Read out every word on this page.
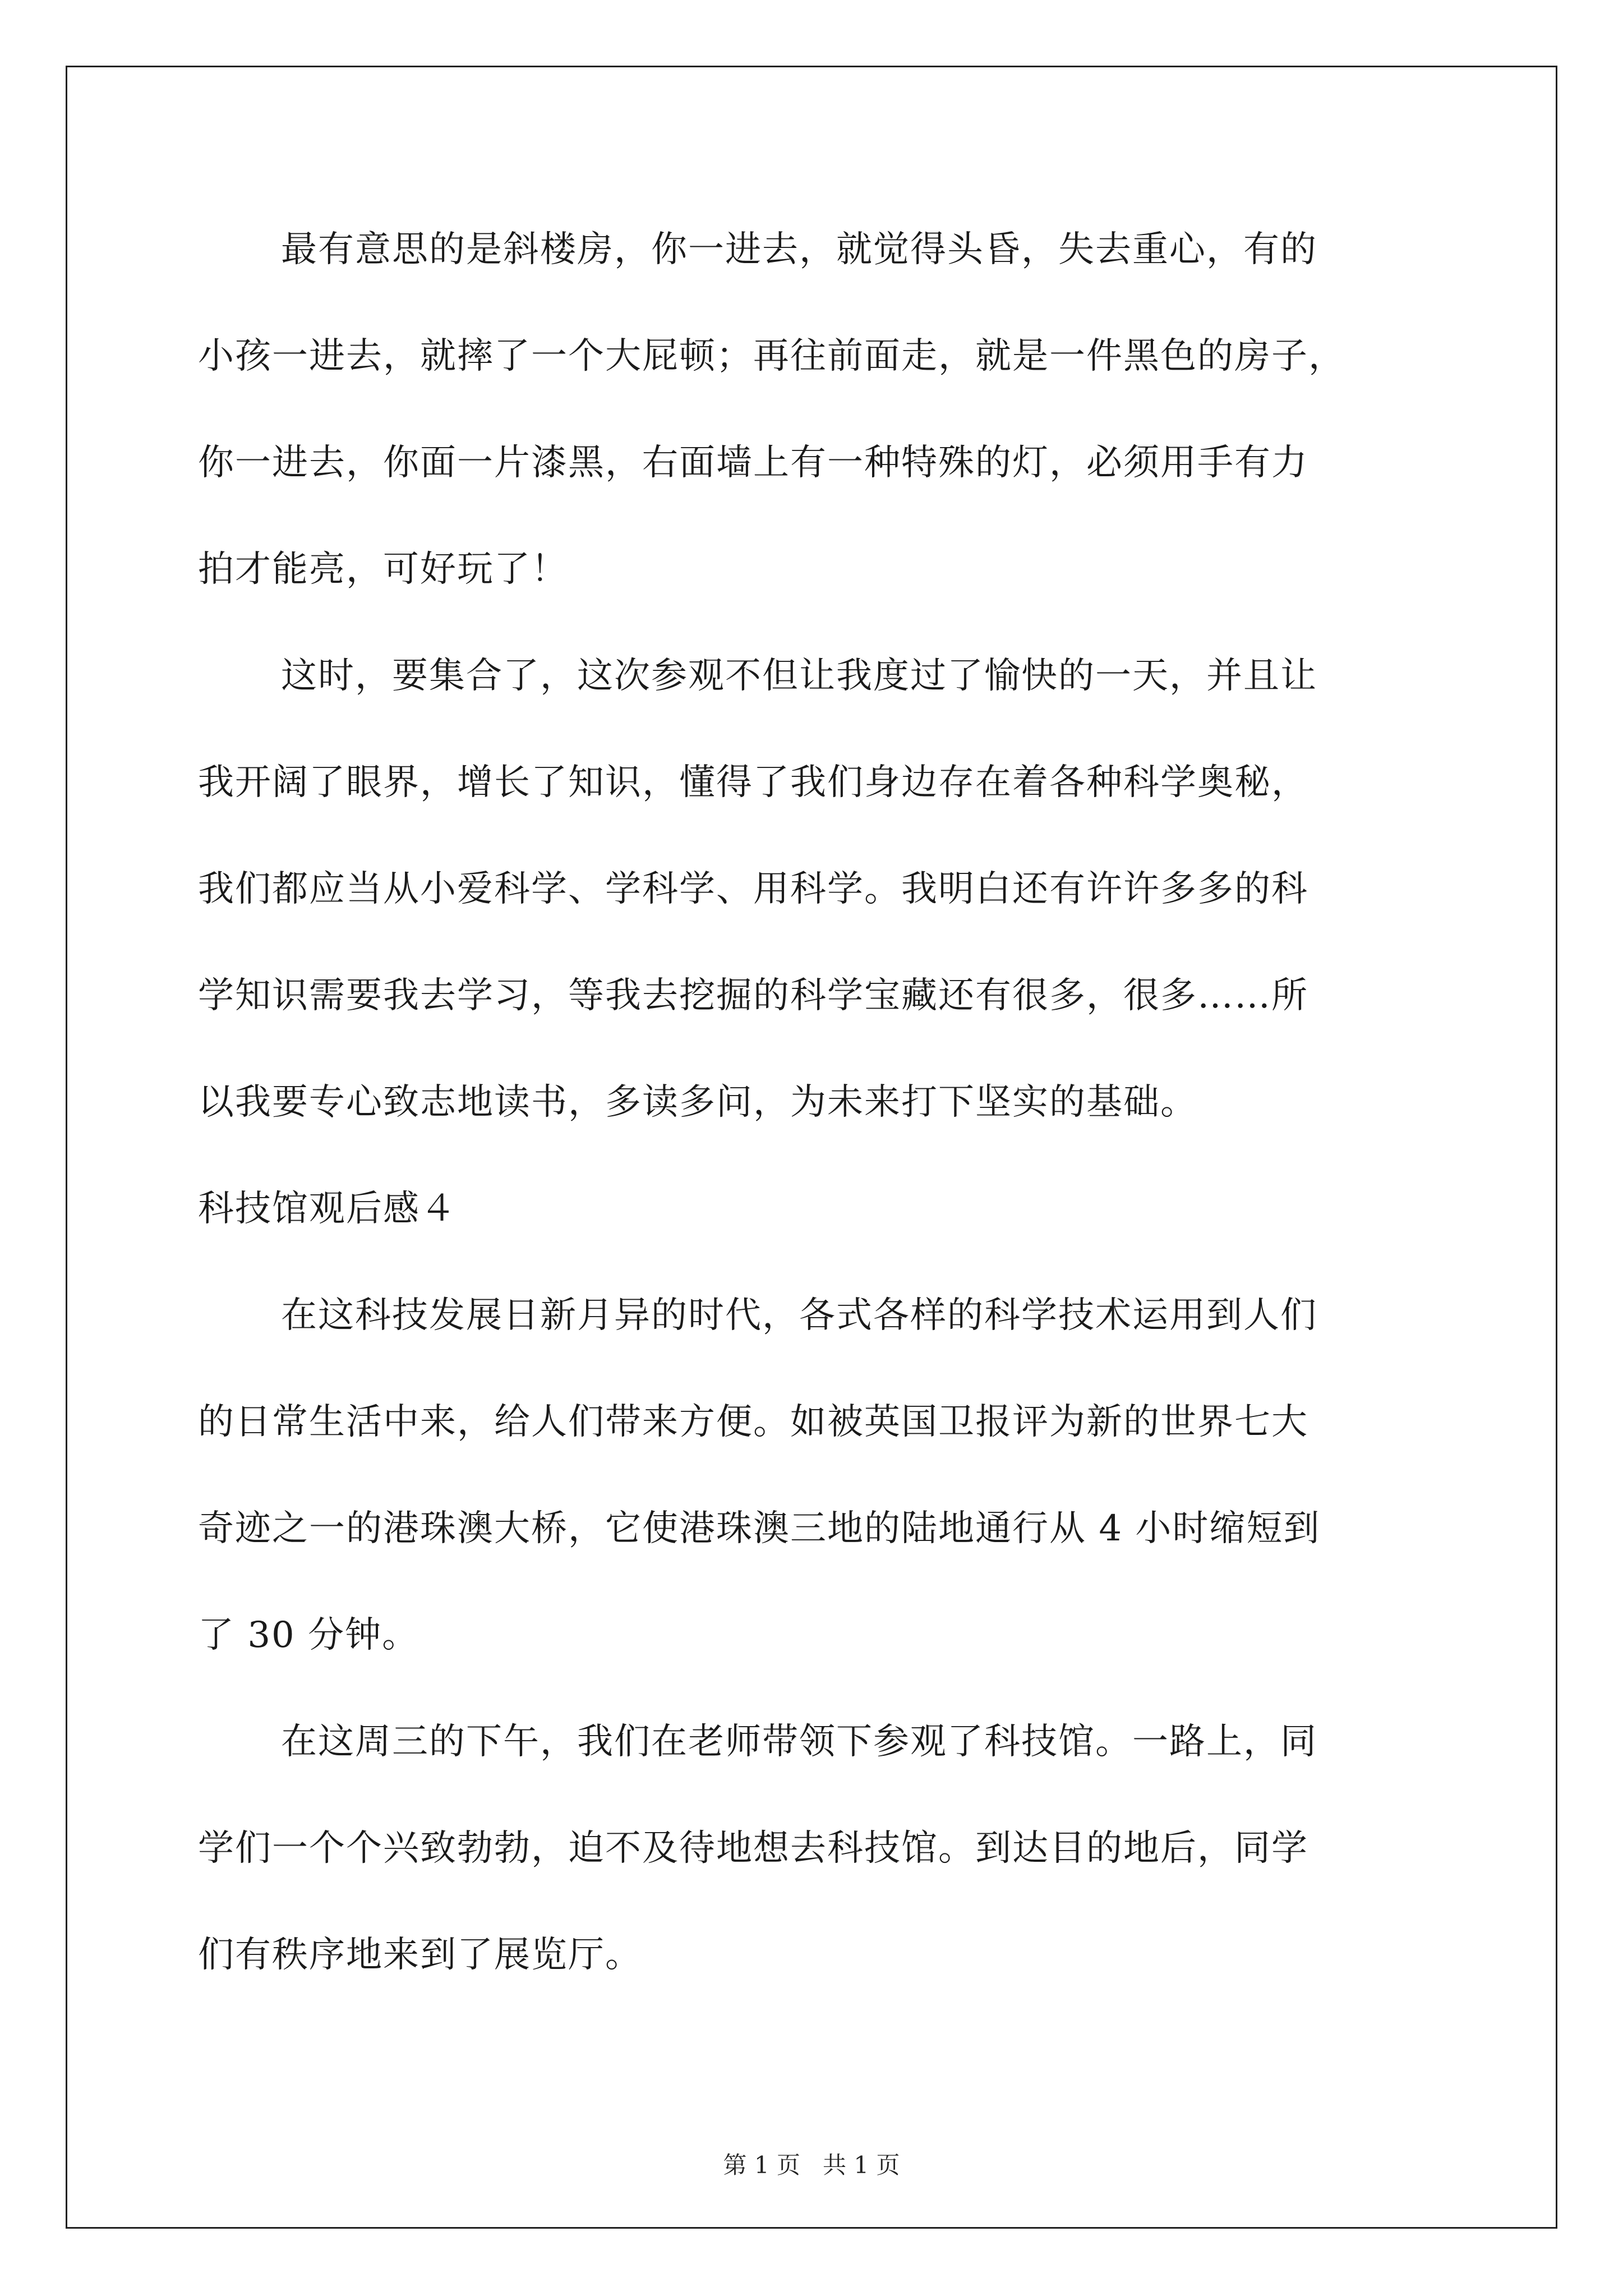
最有意思的是斜楼房，你一进去，就觉得头昏，失去重心，有的
小孩一进去，就摔了一个大屁顿；再往前面走，就是一件黑色的房子，
你一进去，你面一片漆黑，右面墙上有一种特殊的灯，必须用手有力
拍才能亮，可好玩了！
这时，要集合了，这次参观不但让我度过了愉快的一天，并且让
我开阔了眼界，增长了知识，懂得了我们身边存在着各种科学奥秘，
我们都应当从小爱科学、学科学、用科学。我明白还有许许多多的科
学知识需要我去学习，等我去挖掘的科学宝藏还有很多，很多……所
以我要专心致志地读书，多读多问，为未来打下坚实的基础。
科技馆观后感４
在这科技发展日新月异的时代，各式各样的科学技术运用到人们
的日常生活中来，给人们带来方便。如被英国卫报评为新的世界七大
奇迹之一的港珠澳大桥，它使港珠澳三地的陆地通行从 4 小时缩短到
了 30 分钟。
在这周三的下午，我们在老师带领下参观了科技馆。一路上，同
学们一个个兴致勃勃，迫不及待地想去科技馆。到达目的地后，同学
们有秩序地来到了展览厅。
第 1 页   共 1 页
